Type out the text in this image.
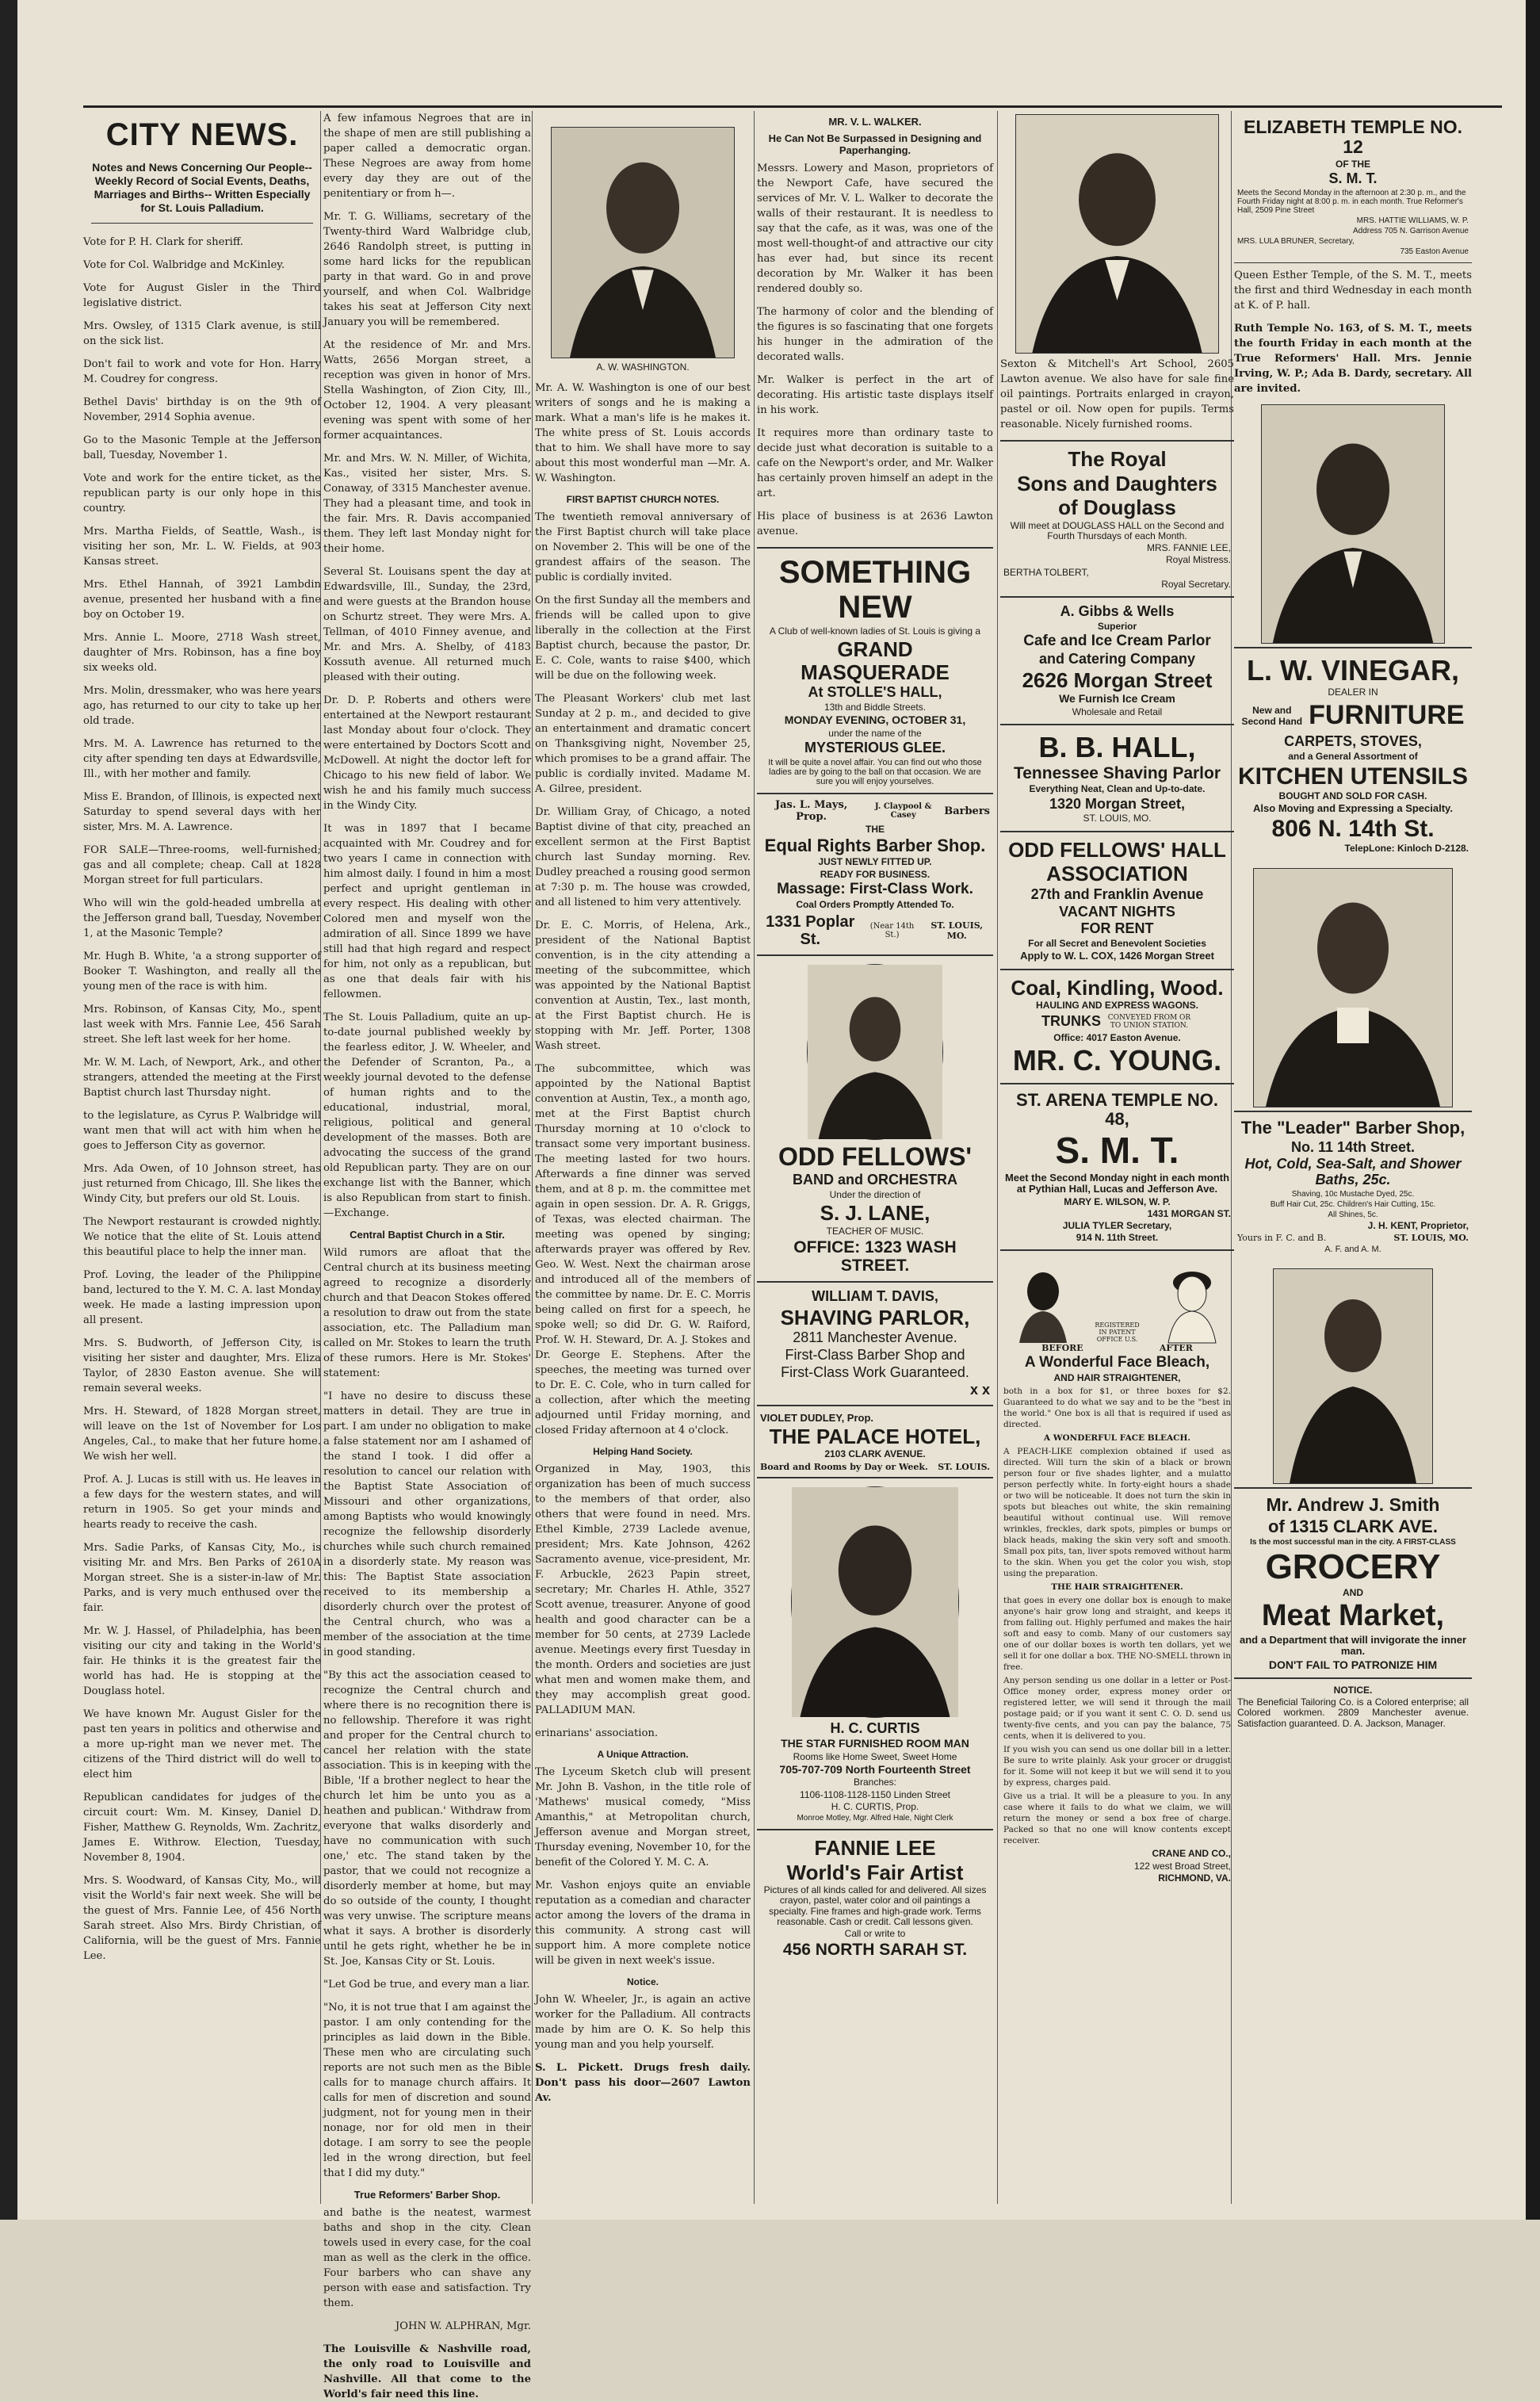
CITY NEWS.
Notes and News Concerning Our People--Weekly Record of Social Events, Deaths, Marriages and Births-- Written Especially for St. Louis Palladium.

Vote for P. H. Clark for sheriff.

Vote for Col. Walbridge and McKinley.

Vote for August Gisler in the Third legislative district.

Mrs. Owsley, of 1315 Clark avenue, is still on the sick list.

Don't fail to work and vote for Hon. Harry M. Coudrey for congress.

Bethel Davis' birthday is on the 9th of November, 2914 Sophia avenue.

Go to the Masonic Temple at the Jefferson ball, Tuesday, November 1.

Vote and work for the entire ticket, as the republican party is our only hope in this country.

Mrs. Martha Fields, of Seattle, Wash., is visiting her son, Mr. L. W. Fields, at 903 Kansas street.

Mrs. Ethel Hannah, of 3921 Lambdin avenue, presented her husband with a fine boy on October 19.

Mrs. Annie L. Moore, 2718 Wash street, daughter of Mrs. Robinson, has a fine boy six weeks old.

Mrs. Molin, dressmaker, who was here years ago, has returned to our city to take up her old trade.

Mrs. M. A. Lawrence has returned to the city after spending ten days at Edwardsville, Ill., with her mother and family.

Miss E. Brandon, of Illinois, is expected next Saturday to spend several days with her sister, Mrs. M. A. Lawrence.

FOR SALE—Three-rooms, well-furnished; gas and all complete; cheap. Call at 1828 Morgan street for full particulars.

Who will win the gold-headed umbrella at the Jefferson grand ball, Tuesday, November 1, at the Masonic Temple?

Mr. Hugh B. White, 'a a strong supporter of Booker T. Washington, and really all the young men of the race is with him.

Mrs. Robinson, of Kansas City, Mo., spent last week with Mrs. Fannie Lee, 456 Sarah street. She left last week for her home.

Mr. W. M. Lach, of Newport, Ark., and other strangers, attended the meeting at the First Baptist church last Thursday night.

to the legislature, as Cyrus P. Walbridge will want men that will act with him when he goes to Jefferson City as governor.

Mrs. Ada Owen, of 10 Johnson street, has just returned from Chicago, Ill. She likes the Windy City, but prefers our old St. Louis.

The Newport restaurant is crowded nightly. We notice that the elite of St. Louis attend this beautiful place to help the inner man.

Prof. Loving, the leader of the Philippine band, lectured to the Y. M. C. A. last Monday week. He made a lasting impression upon all present.

Mrs. S. Budworth, of Jefferson City, is visiting her sister and daughter, Mrs. Eliza Taylor, of 2830 Easton avenue. She will remain several weeks.

Mrs. H. Steward, of 1828 Morgan street, will leave on the 1st of November for Los Angeles, Cal., to make that her future home. We wish her well.

Prof. A. J. Lucas is still with us. He leaves in a few days for the western states, and will return in 1905. So get your minds and hearts ready to receive the cash.

Mrs. Sadie Parks, of Kansas City, Mo., is visiting Mr. and Mrs. Ben Parks of 2610A Morgan street. She is a sister-in-law of Mr. Parks, and is very much enthused over the fair.

Mr. W. J. Hassel, of Philadelphia, has been visiting our city and taking in the World's fair. He thinks it is the greatest fair the world has had. He is stopping at the Douglass hotel.

We have known Mr. August Gisler for the past ten years in politics and otherwise and a more up-right man we never met. The citizens of the Third district will do well to elect him

Republican candidates for judges of the circuit court: Wm. M. Kinsey, Daniel D. Fisher, Matthew G. Reynolds, Wm. Zachritz, James E. Withrow. Election, Tuesday, November 8, 1904.

Mrs. S. Woodward, of Kansas City, Mo., will visit the World's fair next week. She will be the guest of Mrs. Fannie Lee, of 456 North Sarah street. Also Mrs. Birdy Christian, of California, will be the guest of Mrs. Fannie Lee.

A few infamous Negroes that are in the shape of men are still publishing a paper called a democratic organ. These Negroes are away from home every day they are out of the penitentiary or from h—.

Mr. T. G. Williams, secretary of the Twenty-third Ward Walbridge club, 2646 Randolph street, is putting in some hard licks for the republican party in that ward. Go in and prove yourself, and when Col. Walbridge takes his seat at Jefferson City next January you will be remembered.

At the residence of Mr. and Mrs. Watts, 2656 Morgan street, a reception was given in honor of Mrs. Stella Washington, of Zion City, Ill., October 12, 1904. A very pleasant evening was spent with some of her former acquaintances.

Mr. and Mrs. W. N. Miller, of Wichita, Kas., visited her sister, Mrs. S. Conaway, of 3315 Manchester avenue. They had a pleasant time, and took in the fair. Mrs. R. Davis accompanied them. They left last Monday night for their home.

Several St. Louisans spent the day at Edwardsville, Ill., Sunday, the 23rd, and were guests at the Brandon house on Schurtz street. They were Mrs. A. Tellman, of 4010 Finney avenue, and Mr. and Mrs. A. Shelby, of 4183 Kossuth avenue. All returned much pleased with their outing.

Dr. D. P. Roberts and others were entertained at the Newport restaurant last Monday about four o'clock. They were entertained by Doctors Scott and McDowell. At night the doctor left for Chicago to his new field of labor. We wish he and his family much success in the Windy City.

It was in 1897 that I became acquainted with Mr. Coudrey and for two years I came in connection with him almost daily. I found in him a most perfect and upright gentleman in every respect. His dealing with other Colored men and myself won the admiration of all. Since 1899 we have still had that high regard and respect for him, not only as a republican, but as one that deals fair with his fellowmen.

The St. Louis Palladium, quite an up-to-date journal published weekly by the fearless editor, J. W. Wheeler, and the Defender of Scranton, Pa., a weekly journal devoted to the defense of human rights and to the educational, industrial, moral, religious, political and general development of the masses. Both are advocating the success of the grand old Republican party. They are on our exchange list with the Banner, which is also Republican from start to finish.—Exchange.

Central Baptist Church in a Stir.

Wild rumors are afloat that the Central church at its business meeting agreed to recognize a disorderly church and that Deacon Stokes offered a resolution to draw out from the state association, etc. The Palladium man called on Mr. Stokes to learn the truth of these rumors. Here is Mr. Stokes' statement:

"I have no desire to discuss these matters in detail. They are true in part. I am under no obligation to make a false statement nor am I ashamed of the stand I took. I did offer a resolution to cancel our relation with the Baptist State Association of Missouri and other organizations, among Baptists who would knowingly recognize the fellowship disorderly churches while such church remained in a disorderly state. My reason was this: The Baptist State association received to its membership a disorderly church over the protest of the Central church, who was a member of the association at the time in good standing.

"By this act the association ceased to recognize the Central church and where there is no recognition there is no fellowship. Therefore it was right and proper for the Central church to cancel her relation with the state association. This is in keeping with the Bible, 'If a brother neglect to hear the church let him be unto you as a heathen and publican.' Withdraw from everyone that walks disorderly and have no communication with such one,' etc. The stand taken by the pastor, that we could not recognize a disorderly member at home, but may do so outside of the county, I thought was very unwise. The scripture means what it says. A brother is disorderly until he gets right, whether he be in St. Joe, Kansas City or St. Louis.

"Let God be true, and every man a liar.

"No, it is not true that I am against the pastor. I am only contending for the principles as laid down in the Bible. These men who are circulating such reports are not such men as the Bible calls for to manage church affairs. It calls for men of discretion and sound judgment, not for young men in their nonage, nor for old men in their dotage. I am sorry to see the people led in the wrong direction, but feel that I did my duty."

True Reformers' Barber Shop.

and bathe is the neatest, warmest baths and shop in the city. Clean towels used in every case, for the coal man as well as the clerk in the office. Four barbers who can shave any person with ease and satisfaction. Try them.

JOHN W. ALPHRAN, Mgr.

The Louisville & Nashville road, the only road to Louisville and Nashville. All that come to the World's fair need this line.

A. W. WASHINGTON.

Mr. A. W. Washington is one of our best writers of songs and he is making a mark. What a man's life is he makes it. The white press of St. Louis accords that to him. We shall have more to say about this most wonderful man —Mr. A. W. Washington.

FIRST BAPTIST CHURCH NOTES.

The twentieth removal anniversary of the First Baptist church will take place on November 2. This will be one of the grandest affairs of the season. The public is cordially invited.

On the first Sunday all the members and friends will be called upon to give liberally in the collection at the First Baptist church, because the pastor, Dr. E. C. Cole, wants to raise $400, which will be due on the following week.

The Pleasant Workers' club met last Sunday at 2 p. m., and decided to give an entertainment and dramatic concert on Thanksgiving night, November 25, which promises to be a grand affair. The public is cordially invited. Madame M. A. Gilree, president.

Dr. William Gray, of Chicago, a noted Baptist divine of that city, preached an excellent sermon at the First Baptist church last Sunday morning. Rev. Dudley preached a rousing good sermon at 7:30 p. m. The house was crowded, and all listened to him very attentively.

Dr. E. C. Morris, of Helena, Ark., president of the National Baptist convention, is in the city attending a meeting of the subcommittee, which was appointed by the National Baptist convention at Austin, Tex., last month, at the First Baptist church. He is stopping with Mr. Jeff. Porter, 1308 Wash street.

The subcommittee, which was appointed by the National Baptist convention at Austin, Tex., a month ago, met at the First Baptist church Thursday morning at 10 o'clock to transact some very important business. The meeting lasted for two hours. Afterwards a fine dinner was served them, and at 8 p. m. the committee met again in open session. Dr. A. R. Griggs, of Texas, was elected chairman. The meeting was opened by singing; afterwards prayer was offered by Rev. Geo. W. West. Next the chairman arose and introduced all of the members of the committee by name. Dr. E. C. Morris being called on first for a speech, he spoke well; so did Dr. G. W. Raiford, Prof. W. H. Steward, Dr. A. J. Stokes and Dr. George E. Stephens. After the speeches, the meeting was turned over to Dr. E. C. Cole, who in turn called for a collection, after which the meeting adjourned until Friday morning, and closed Friday afternoon at 4 o'clock.

Helping Hand Society.

Organized in May, 1903, this organization has been of much success to the members of that order, also others that were found in need. Mrs. Ethel Kimble, 2739 Laclede avenue, president; Mrs. Kate Johnson, 4262 Sacramento avenue, vice-president, Mr. F. Arbuckle, 2623 Papin street, secretary; Mr. Charles H. Athle, 3527 Scott avenue, treasurer. Anyone of good health and good character can be a member for 50 cents, at 2739 Laclede avenue. Meetings every first Tuesday in the month. Orders and societies are just what men and women make them, and they may accomplish great good. PALLADIUM MAN.

erinarians' association.

A Unique Attraction.

The Lyceum Sketch club will present Mr. John B. Vashon, in the title role of 'Mathews' musical comedy, "Miss Amanthis," at Metropolitan church, Jefferson avenue and Morgan street, Thursday evening, November 10, for the benefit of the Colored Y. M. C. A.

Mr. Vashon enjoys quite an enviable reputation as a comedian and character actor among the lovers of the drama in this community. A strong cast will support him. A more complete notice will be given in next week's issue.

Notice.

John W. Wheeler, Jr., is again an active worker for the Palladium. All contracts made by him are O. K. So help this young man and you help yourself.

S. L. Pickett. Drugs fresh daily. Don't pass his door—2607 Lawton Av.

MR. V. L. WALKER.
He Can Not Be Surpassed in Designing and Paperhanging.

Messrs. Lowery and Mason, proprietors of the Newport Cafe, have secured the services of Mr. V. L. Walker to decorate the walls of their restaurant. It is needless to say that the cafe, as it was, was one of the most well-thought-of and attractive our city has ever had, but since its recent decoration by Mr. Walker it has been rendered doubly so.

The harmony of color and the blending of the figures is so fascinating that one forgets his hunger in the admiration of the decorated walls.

Mr. Walker is perfect in the art of decorating. His artistic taste displays itself in his work.

It requires more than ordinary taste to decide just what decoration is suitable to a cafe on the Newport's order, and Mr. Walker has certainly proven himself an adept in the art.

His place of business is at 2636 Lawton avenue.

SOMETHING NEW
A Club of well-known ladies of St. Louis is giving a
GRAND MASQUERADE
At STOLLE'S HALL,
13th and Biddle Streets.
MONDAY EVENING, OCTOBER 31,
under the name of the
MYSTERIOUS GLEE.
It will be quite a novel affair. You can find out who those ladies are by going to the ball on that occasion. We are sure you will enjoy yourselves.
Jas. L. Mays, Prop.
J. Claypool & Casey	Barbers
THE
Equal Rights Barber Shop.
JUST NEWLY FITTED UP.
READY FOR BUSINESS.
Massage: First-Class Work.
Coal Orders Promptly Attended To.
1331 Poplar St.
(Near 14th St.)
ST. LOUIS, MO.
ODD FELLOWS'
BAND and ORCHESTRA
Under the direction of
S. J. LANE,
TEACHER OF MUSIC.
OFFICE: 1323 WASH STREET.
WILLIAM T. DAVIS,
SHAVING PARLOR,
2811 Manchester Avenue.
First-Class Barber Shop and
First-Class Work Guaranteed.
x x
VIOLET DUDLEY, Prop.
THE PALACE HOTEL,
2103 CLARK AVENUE.
Board and Rooms by Day or Week. ST. LOUIS.
H. C. CURTIS
THE STAR FURNISHED ROOM MAN
Rooms like Home Sweet, Sweet Home
705-707-709 North Fourteenth Street
Branches:
1106-1108-1128-1150 Linden Street
H. C. CURTIS, Prop.
Monroe Motley, Mgr. Alfred Hale, Night Clerk
FANNIE LEE
World's Fair Artist
Pictures of all kinds called for and delivered. All sizes crayon, pastel, water color and oil paintings a specialty. Fine frames and high-grade work. Terms reasonable. Cash or credit. Call lessons given.
Call or write to
456 NORTH SARAH ST.

Sexton & Mitchell's Art School, 2605 Lawton avenue. We also have for sale fine oil paintings. Portraits enlarged in crayon, pastel or oil. Now open for pupils. Terms reasonable. Nicely furnished rooms.

The Royal
Sons and Daughters
of Douglass
Will meet at DOUGLASS HALL on the Second and Fourth Thursdays of each Month.
MRS. FANNIE LEE,
Royal Mistress.
BERTHA TOLBERT,
Royal Secretary.
A. Gibbs & Wells
Superior
Cafe and Ice Cream Parlor
and Catering Company
2626 Morgan Street
We Furnish Ice Cream
Wholesale and Retail
B. B. HALL,
Tennessee Shaving Parlor
Everything Neat, Clean and Up-to-date.
1320 Morgan Street,
ST. LOUIS, MO.
ODD FELLOWS' HALL
ASSOCIATION
27th and Franklin Avenue
VACANT NIGHTS
FOR RENT
For all Secret and Benevolent Societies
Apply to W. L. COX, 1426 Morgan Street
Coal, Kindling, Wood.
HAULING AND EXPRESS WAGONS.
TRUNKS CONVEYED FROM OR TO UNION STATION.
Office: 4017 Easton Avenue.
MR. C. YOUNG.
ST. ARENA TEMPLE NO. 48,
S. M. T.
Meet the Second Monday night in each month at Pythian Hall, Lucas and Jefferson Ave.
MARY E. WILSON, W. P.
1431 MORGAN ST.
JULIA TYLER Secretary,
914 N. 11th Street.
REGISTERED IN PATENT OFFICE U.S.
BEFORE	AFTER
A Wonderful Face Bleach,
AND HAIR STRAIGHTENER,
both in a box for $1, or three boxes for $2. Guaranteed to do what we say and to be the "best in the world." One box is all that is required if used as directed.
A WONDERFUL FACE BLEACH.
A PEACH-LIKE complexion obtained if used as directed. Will turn the skin of a black or brown person four or five shades lighter, and a mulatto person perfectly white. In forty-eight hours a shade or two will be noticeable. It does not turn the skin in spots but bleaches out white, the skin remaining beautiful without continual use. Will remove wrinkles, freckles, dark spots, pimples or bumps or black heads, making the skin very soft and smooth. Small pox pits, tan, liver spots removed without harm to the skin. When you get the color you wish, stop using the preparation.
THE HAIR STRAIGHTENER.
that goes in every one dollar box is enough to make anyone's hair grow long and straight, and keeps it from falling out. Highly perfumed and makes the hair soft and easy to comb. Many of our customers say one of our dollar boxes is worth ten dollars, yet we sell it for one dollar a box. THE NO-SMELL thrown in free.
Any person sending us one dollar in a letter or Post-Office money order, express money order or registered letter, we will send it through the mail postage paid; or if you want it sent C. O. D. send us twenty-five cents, and you can pay the balance, 75 cents, when it is delivered to you.
If you wish you can send us one dollar bill in a letter. Be sure to write plainly. Ask your grocer or druggist for it. Some will not keep it but we will send it to you by express, charges paid.
Give us a trial. It will be a pleasure to you. In any case where it fails to do what we claim, we will return the money or send a box free of charge. Packed so that no one will know contents except receiver.
CRANE AND CO.,
122 west Broad Street,
RICHMOND, VA.
ELIZABETH TEMPLE NO. 12
OF THE
S. M. T.
Meets the Second Monday in the afternoon at 2:30 p. m., and the Fourth Friday night at 8:00 p. m. in each month. True Reformer's Hall, 2509 Pine Street
MRS. HATTIE WILLIAMS, W. P.
Address 705 N. Garrison Avenue
MRS. LULA BRUNER, Secretary,
735 Easton Avenue

Queen Esther Temple, of the S. M. T., meets the first and third Wednesday in each month at K. of P. hall.

Ruth Temple No. 163, of S. M. T., meets the fourth Friday in each month at the True Reformers' Hall. Mrs. Jennie Irving, W. P.; Ada B. Dardy, secretary. All are invited.

L. W. VINEGAR,
DEALER IN
New and
Second Hand FURNITURE
CARPETS, STOVES,
and a General Assortment of
KITCHEN UTENSILS
BOUGHT AND SOLD FOR CASH.
Also Moving and Expressing a Specialty.
806 N. 14th St.
TelepLone: Kinloch D-2128.
The "Leader" Barber Shop,
No. 11 14th Street.
Hot, Cold, Sea-Salt, and Shower Baths, 25c.
Shaving, 10c Mustache Dyed, 25c.
Buff Hair Cut, 25c. Children's Hair Cutting, 15c.
All Shines, 5c.
J. H. KENT, Proprietor,
Yours in F. C. and B.	ST. LOUIS, MO.
A. F. and A. M.
Mr. Andrew J. Smith
of 1315 CLARK AVE.
Is the most successful man in the city. A FIRST-CLASS
GROCERY
AND
Meat Market,
and a Department that will invigorate the inner man.
DON'T FAIL TO PATRONIZE HIM
NOTICE.
The Beneficial Tailoring Co. is a Colored enterprise; all Colored workmen. 2809 Manchester avenue. Satisfaction guaranteed. D. A. Jackson, Manager.
